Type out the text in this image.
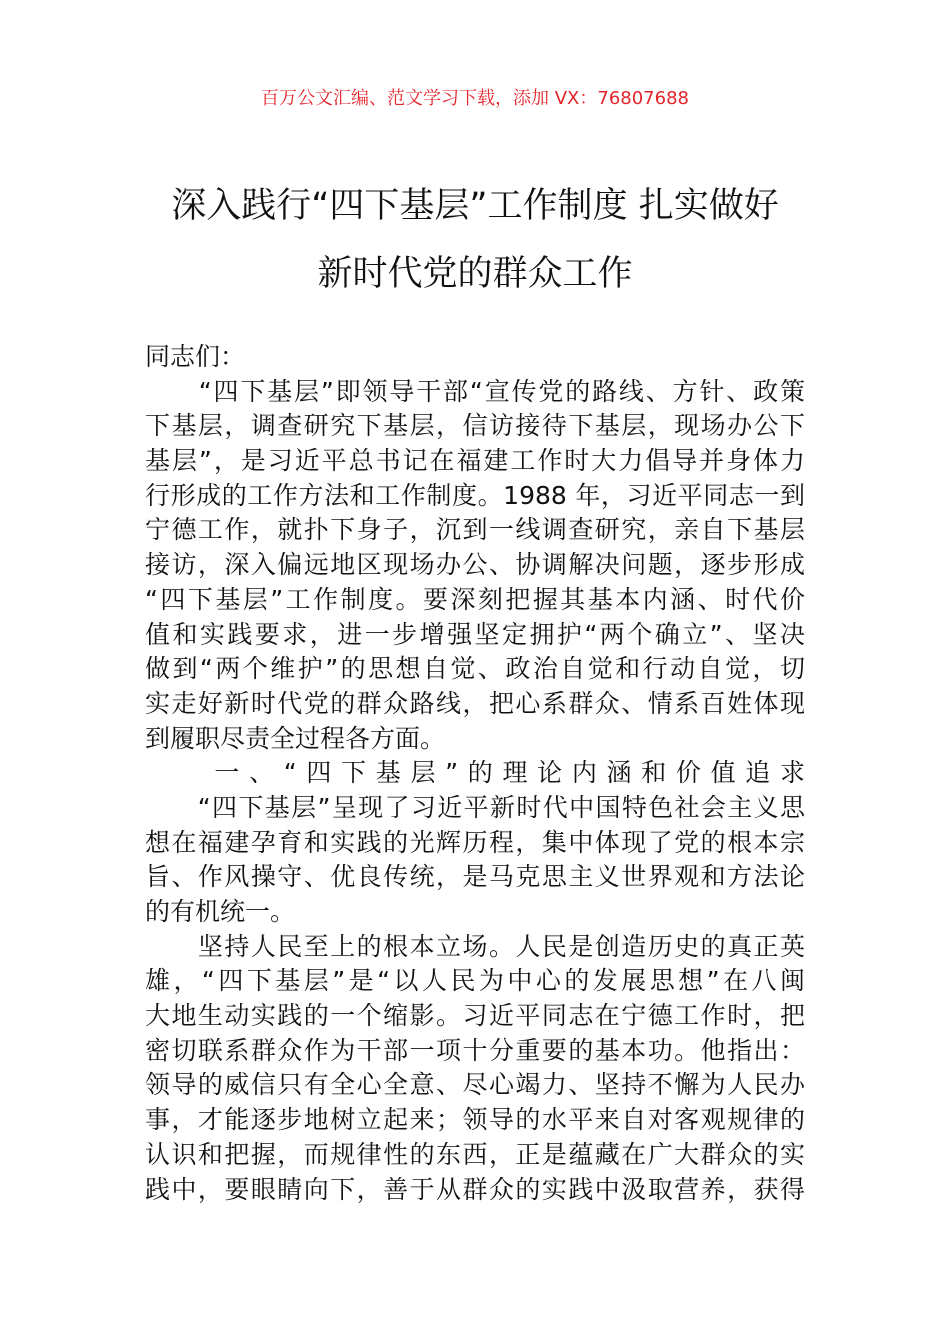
百万公文汇编、范文学习下载，添加 VX：76807688
深入践行“四下基层”工作制度 扎实做好
新时代党的群众工作
同志们：
　　“四下基层”即领导干部“宣传党的路线、方针、政策
下基层，调查研究下基层，信访接待下基层，现场办公下
基层”，是习近平总书记在福建工作时大力倡导并身体力
行形成的工作方法和工作制度。1988 年，习近平同志一到
宁德工作，就扑下身子，沉到一线调查研究，亲自下基层
接访，深入偏远地区现场办公、协调解决问题，逐步形成
“四下基层”工作制度。要深刻把握其基本内涵、时代价
值和实践要求，进一步增强坚定拥护“两个确立”、坚决
做到“两个维护”的思想自觉、政治自觉和行动自觉，切
实走好新时代党的群众路线，把心系群众、情系百姓体现
到履职尽责全过程各方面。
　　一、“四下基层”的理论内涵和价值追求
　　“四下基层”呈现了习近平新时代中国特色社会主义思
想在福建孕育和实践的光辉历程，集中体现了党的根本宗
旨、作风操守、优良传统，是马克思主义世界观和方法论
的有机统一。
　　坚持人民至上的根本立场。人民是创造历史的真正英
雄，“四下基层”是“以人民为中心的发展思想”在八闽
大地生动实践的一个缩影。习近平同志在宁德工作时，把
密切联系群众作为干部一项十分重要的基本功。他指出：
领导的威信只有全心全意、尽心竭力、坚持不懈为人民办
事，才能逐步地树立起来；领导的水平来自对客观规律的
认识和把握，而规律性的东西，正是蕴藏在广大群众的实
践中，要眼睛向下，善于从群众的实践中汲取营养，获得
